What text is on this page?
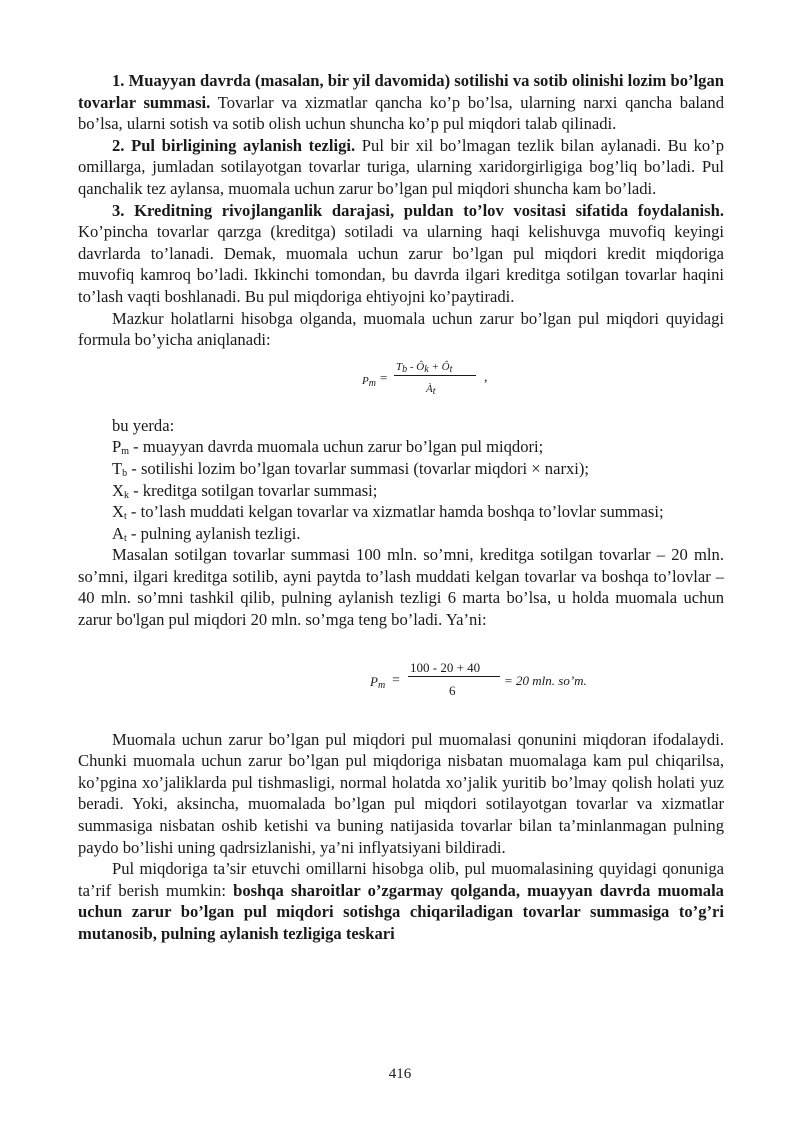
1. Muayyan davrda (masalan, bir yil davomida) sotilishi va sotib olinishi lozim bo’lgan tovarlar summasi. Tovarlar va xizmatlar qancha ko’p bo’lsa, ularning narxi qancha baland bo’lsa, ularni sotish va sotib olish uchun shuncha ko’p pul miqdori talab qilinadi.

2. Pul birligining aylanish tezligi. Pul bir xil bo’lmagan tezlik bilan aylanadi. Bu ko’p omillarga, jumladan sotilayotgan tovarlar turiga, ularning xaridorgirligiga bog’liq bo’ladi. Pul qanchalik tez aylansa, muomala uchun zarur bo’lgan pul miqdori shuncha kam bo’ladi.

3. Kreditning rivojlanganlik darajasi, puldan to’lov vositasi sifatida foydalanish. Ko’pincha tovarlar qarzga (kreditga) sotiladi va ularning haqi kelishuvga muvofiq keyingi davrlarda to’lanadi. Demak, muomala uchun zarur bo’lgan pul miqdori kredit miqdoriga muvofiq kamroq bo’ladi. Ikkinchi tomondan, bu davrda ilgari kreditga sotilgan tovarlar haqini to’lash vaqti boshlanadi. Bu pul miqdoriga ehtiyojni ko’paytiradi.

Mazkur holatlarni hisobga olganda, muomala uchun zarur bo’lgan pul miqdori quyidagi formula bo’yicha aniqlanadi:

$P_m$ =
$T_b$ - $Ô_k$ + $Ô_t$
$À_t$
,

bu yerda:

$P_m$ - muayyan davrda muomala uchun zarur bo’lgan pul miqdori;

$T_b$ - sotilishi lozim bo’lgan tovarlar summasi (tovarlar miqdori × narxi);

$X_k$ - kreditga sotilgan tovarlar summasi;

$X_t$ - to’lash muddati kelgan tovarlar va xizmatlar hamda boshqa to’lovlar summasi;

$A_t$ - pulning aylanish tezligi.

Masalan sotilgan tovarlar summasi 100 mln. so’mni, kreditga sotilgan tovarlar – 20 mln. so’mni, ilgari kreditga sotilib, ayni paytda to’lash muddati kelgan tovarlar va boshqa to’lovlar – 40 mln. so’mni tashkil qilib, pulning aylanish tezligi 6 marta bo’lsa, u holda muomala uchun zarur bo'lgan pul miqdori 20 mln. so’mga teng bo’ladi. Ya’ni:

$P_m$ =
100 - 20 + 40
6
= 20 mln. so’m.

Muomala uchun zarur bo’lgan pul miqdori pul muomalasi qonunini miqdoran ifodalaydi. Chunki muomala uchun zarur bo’lgan pul miqdoriga nisbatan muomalaga kam pul chiqarilsa, ko’pgina xo’jaliklarda pul tishmasligi, normal holatda xo’jalik yuritib bo’lmay qolish holati yuz beradi. Yoki, aksincha, muomalada bo’lgan pul miqdori sotilayotgan tovarlar va xizmatlar summasiga nisbatan oshib ketishi va buning natijasida tovarlar bilan ta’minlanmagan pulning paydo bo’lishi uning qadrsizlanishi, ya’ni inflyatsiyani bildiradi.

Pul miqdoriga ta’sir etuvchi omillarni hisobga olib, pul muomalasining quyidagi qonuniga ta’rif berish mumkin: boshqa sharoitlar o’zgarmay qolganda, muayyan davrda muomala uchun zarur bo’lgan pul miqdori sotishga chiqariladigan tovarlar summasiga to’g’ri mutanosib, pulning aylanish tezligiga teskari

416
